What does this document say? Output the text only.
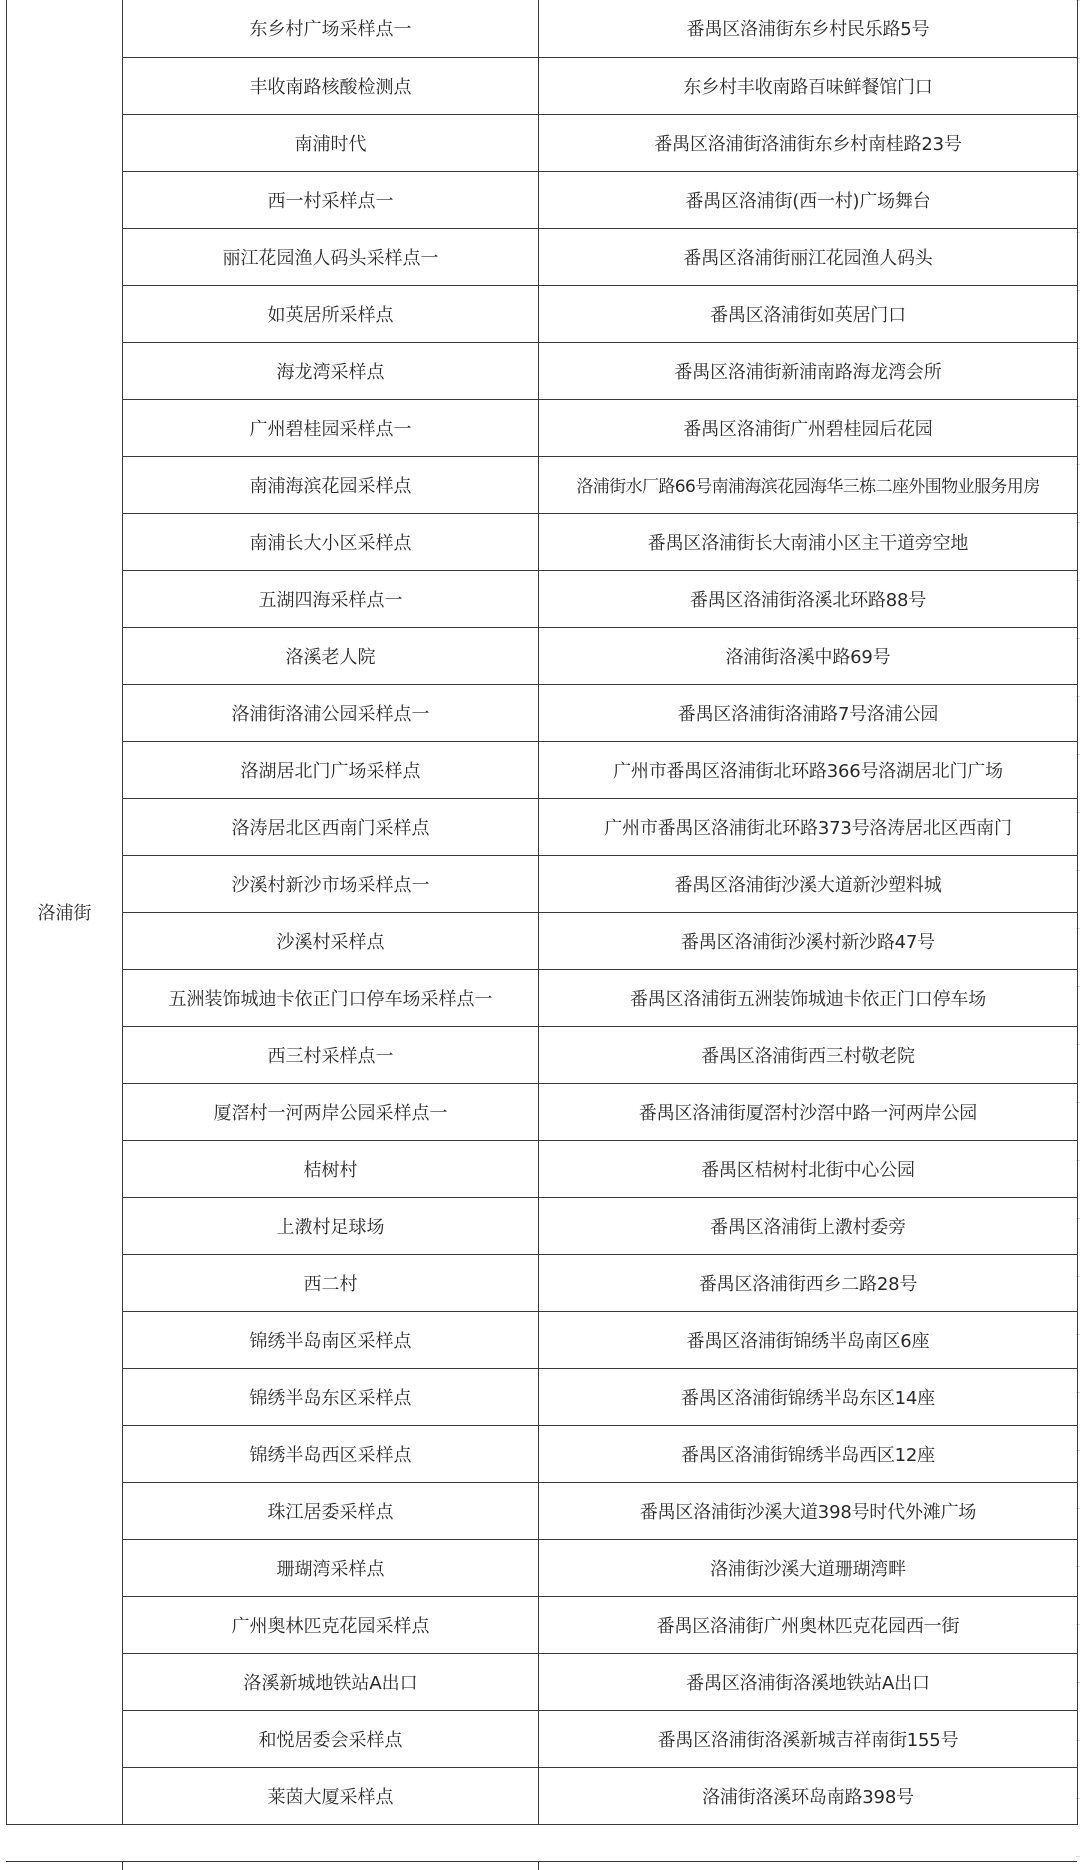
洛浦街	东乡村广场采样点一	番禺区洛浦街东乡村民乐路5号
	丰收南路核酸检测点	东乡村丰收南路百味鲜餐馆门口
	南浦时代	番禺区洛浦街洛浦街东乡村南桂路23号
	西一村采样点一	番禺区洛浦街(西一村)广场舞台
	丽江花园渔人码头采样点一	番禺区洛浦街丽江花园渔人码头
	如英居所采样点	番禺区洛浦街如英居门口
	海龙湾采样点	番禺区洛浦街新浦南路海龙湾会所
	广州碧桂园采样点一	番禺区洛浦街广州碧桂园后花园
	南浦海滨花园采样点	洛浦街水厂路66号南浦海滨花园海华三栋二座外围物业服务用房
	南浦长大小区采样点	番禺区洛浦街长大南浦小区主干道旁空地
	五湖四海采样点一	番禺区洛浦街洛溪北环路88号
	洛溪老人院	洛浦街洛溪中路69号
	洛浦街洛浦公园采样点一	番禺区洛浦街洛浦路7号洛浦公园
	洛湖居北门广场采样点	广州市番禺区洛浦街北环路366号洛湖居北门广场
	洛涛居北区西南门采样点	广州市番禺区洛浦街北环路373号洛涛居北区西南门
	沙溪村新沙市场采样点一	番禺区洛浦街沙溪大道新沙塑料城
	沙溪村采样点	番禺区洛浦街沙溪村新沙路47号
	五洲装饰城迪卡依正门口停车场采样点一	番禺区洛浦街五洲装饰城迪卡依正门口停车场
	西三村采样点一	番禺区洛浦街西三村敬老院
	厦滘村一河两岸公园采样点一	番禺区洛浦街厦滘村沙滘中路一河两岸公园
	桔树村	番禺区桔树村北街中心公园
	上漖村足球场	番禺区洛浦街上漖村委旁
	西二村	番禺区洛浦街西乡二路28号
	锦绣半岛南区采样点	番禺区洛浦街锦绣半岛南区6座
	锦绣半岛东区采样点	番禺区洛浦街锦绣半岛东区14座
	锦绣半岛西区采样点	番禺区洛浦街锦绣半岛西区12座
	珠江居委采样点	番禺区洛浦街沙溪大道398号时代外滩广场
	珊瑚湾采样点	洛浦街沙溪大道珊瑚湾畔
	广州奥林匹克花园采样点	番禺区洛浦街广州奥林匹克花园西一街
	洛溪新城地铁站A出口	番禺区洛浦街洛溪地铁站A出口
	和悦居委会采样点	番禺区洛浦街洛溪新城吉祥南街155号
	莱茵大厦采样点	洛浦街洛溪环岛南路398号
